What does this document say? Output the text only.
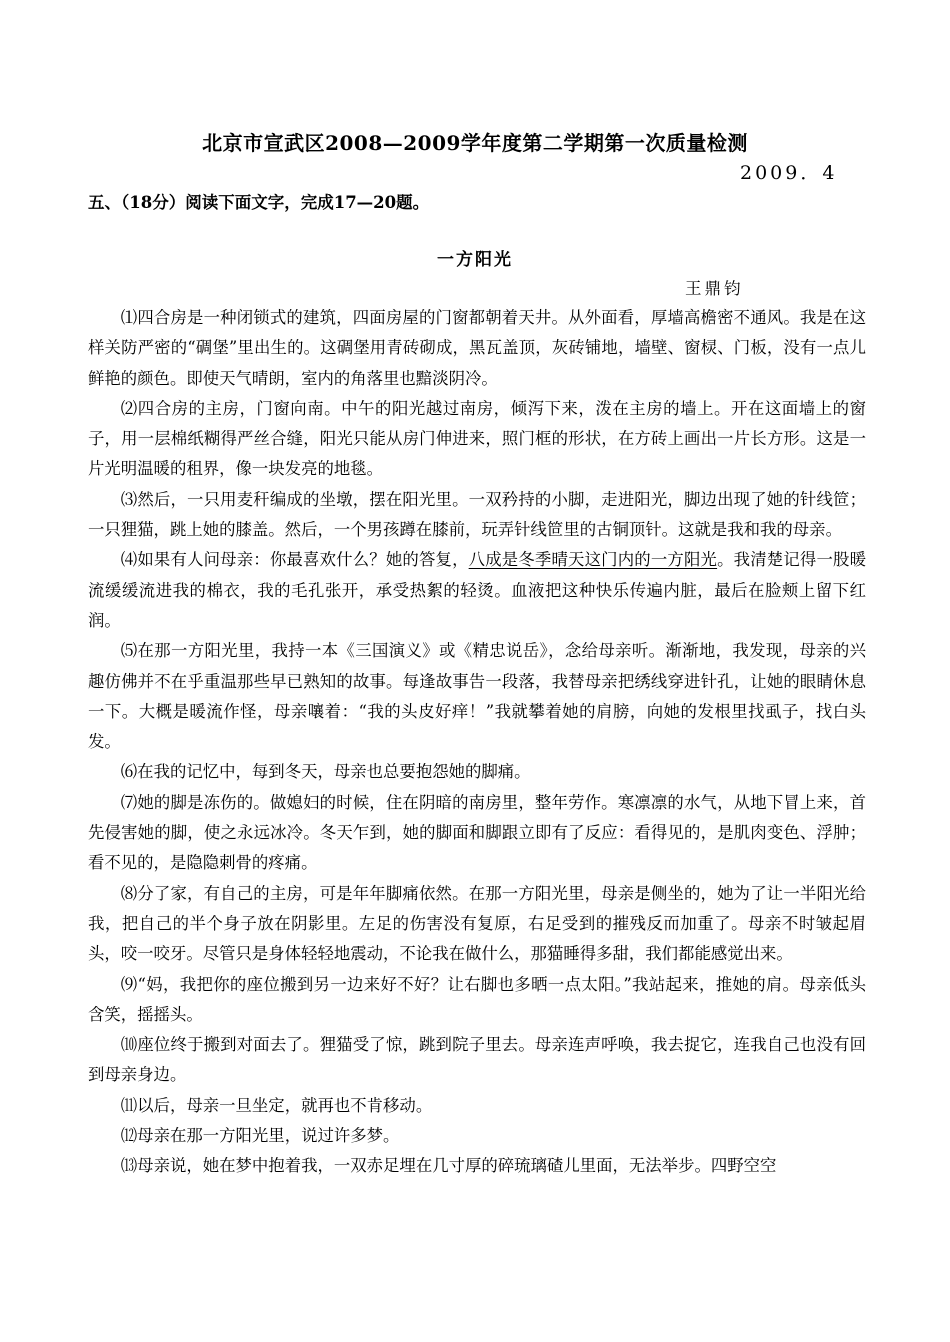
北京市宣武区2008—2009学年度第二学期第一次质量检测
2009．4
五、（18分）阅读下面文字，完成17—20题。
一方阳光
王鼎钧

⑴四合房是一种闭锁式的建筑，四面房屋的门窗都朝着天井。从外面看，厚墙高檐密不通风。我是在这样关防严密的“碉堡”里出生的。这碉堡用青砖砌成，黑瓦盖顶，灰砖铺地，墙壁、窗棂、门板，没有一点儿鲜艳的颜色。即使天气晴朗，室内的角落里也黯淡阴冷。

⑵四合房的主房，门窗向南。中午的阳光越过南房，倾泻下来，泼在主房的墙上。开在这面墙上的窗子，用一层棉纸糊得严丝合缝，阳光只能从房门伸进来，照门框的形状，在方砖上画出一片长方形。这是一片光明温暖的租界，像一块发亮的地毯。

⑶然后，一只用麦秆编成的坐墩，摆在阳光里。一双矜持的小脚，走进阳光，脚边出现了她的针线笸；一只狸猫，跳上她的膝盖。然后，一个男孩蹲在膝前，玩弄针线笸里的古铜顶针。这就是我和我的母亲。

⑷如果有人问母亲：你最喜欢什么？她的答复，八成是冬季晴天这门内的一方阳光。我清楚记得一股暖流缓缓流进我的棉衣，我的毛孔张开，承受热絮的轻烫。血液把这种快乐传遍内脏，最后在脸颊上留下红润。

⑸在那一方阳光里，我持一本《三国演义》或《精忠说岳》，念给母亲听。渐渐地，我发现，母亲的兴趣仿佛并不在乎重温那些早已熟知的故事。每逢故事告一段落，我替母亲把绣线穿进针孔，让她的眼睛休息一下。大概是暖流作怪，母亲嚷着：“我的头皮好痒！”我就攀着她的肩膀，向她的发根里找虱子，找白头发。

⑹在我的记忆中，每到冬天，母亲也总要抱怨她的脚痛。

⑺她的脚是冻伤的。做媳妇的时候，住在阴暗的南房里，整年劳作。寒凛凛的水气，从地下冒上来，首先侵害她的脚，使之永远冰冷。冬天乍到，她的脚面和脚跟立即有了反应：看得见的，是肌肉变色、浮肿；看不见的，是隐隐刺骨的疼痛。

⑻分了家，有自己的主房，可是年年脚痛依然。在那一方阳光里，母亲是侧坐的，她为了让一半阳光给我，把自己的半个身子放在阴影里。左足的伤害没有复原，右足受到的摧残反而加重了。母亲不时皱起眉头，咬一咬牙。尽管只是身体轻轻地震动，不论我在做什么，那猫睡得多甜，我们都能感觉出来。

⑼“妈，我把你的座位搬到另一边来好不好？让右脚也多晒一点太阳。”我站起来，推她的肩。母亲低头含笑，摇摇头。

⑽座位终于搬到对面去了。狸猫受了惊，跳到院子里去。母亲连声呼唤，我去捉它，连我自己也没有回到母亲身边。

⑾以后，母亲一旦坐定，就再也不肯移动。

⑿母亲在那一方阳光里，说过许多梦。

⒀母亲说，她在梦中抱着我，一双赤足埋在几寸厚的碎琉璃碴儿里面，无法举步。四野空空
